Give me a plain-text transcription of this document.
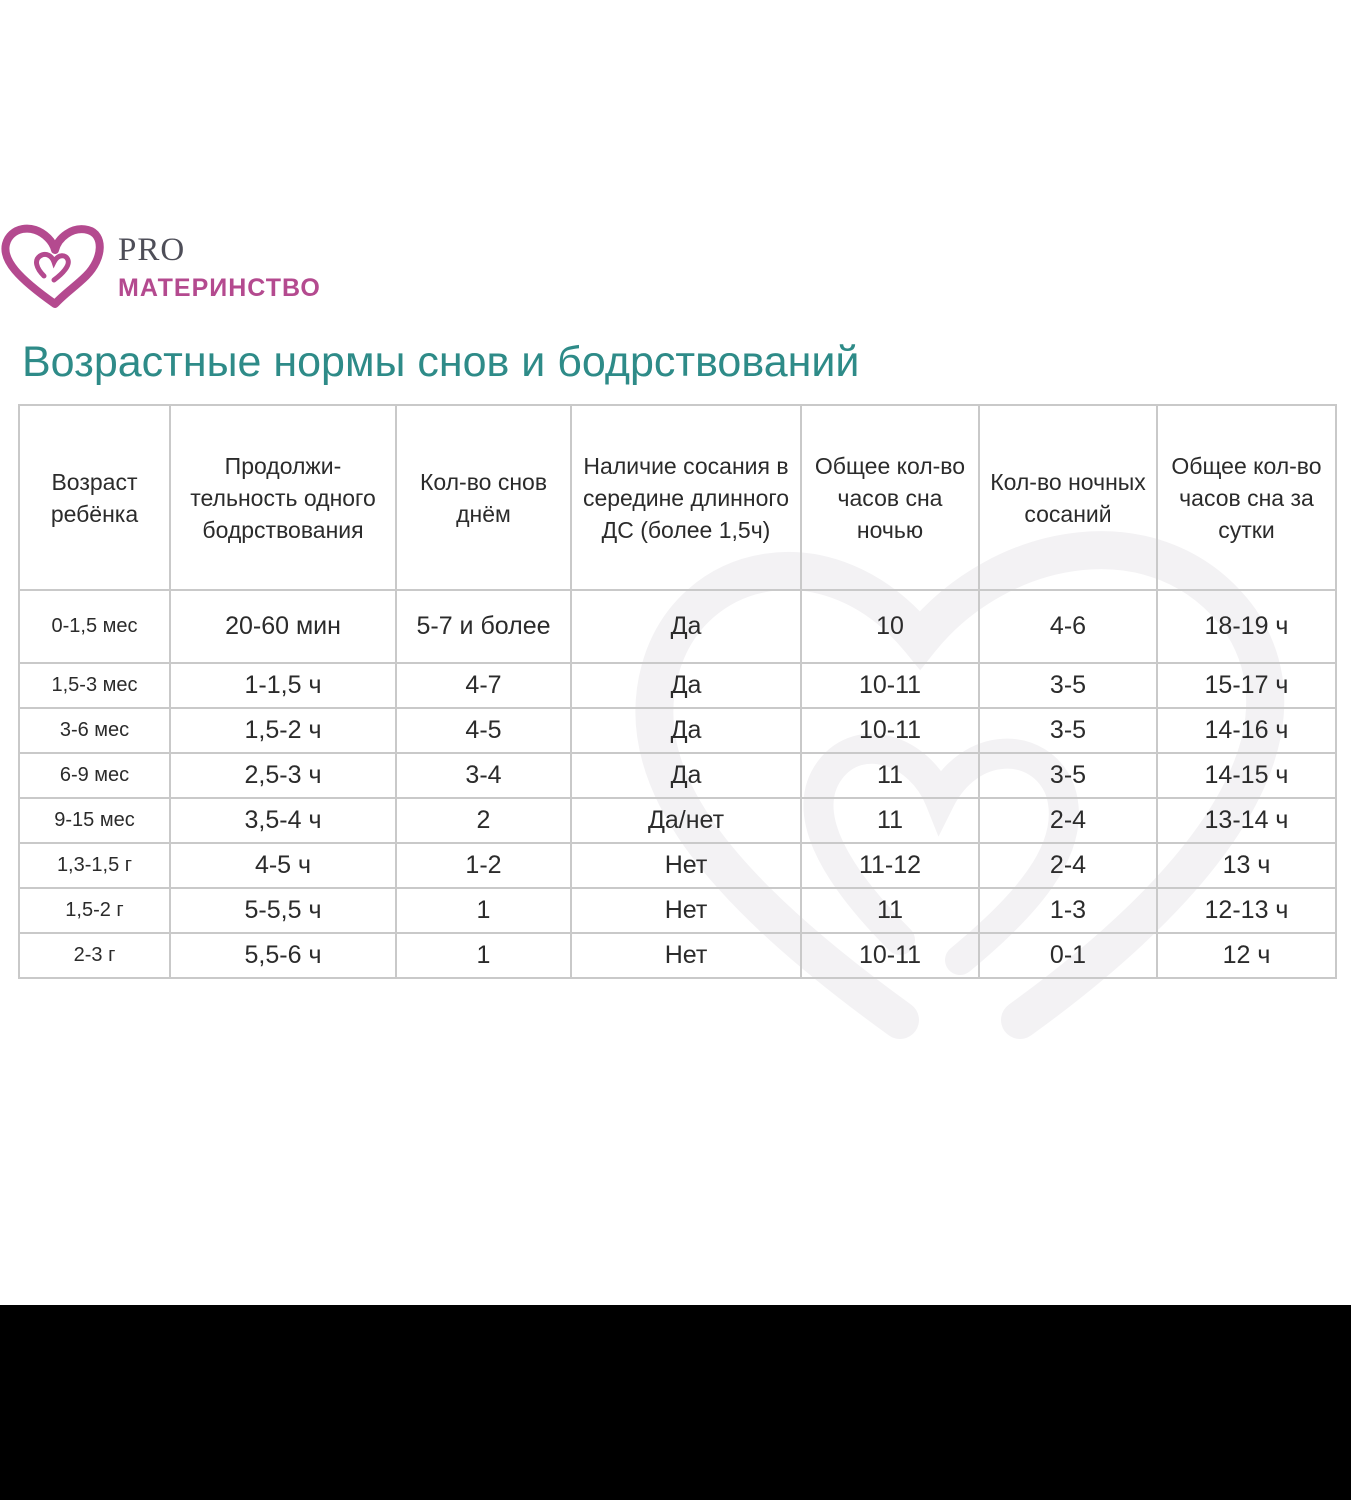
PRO
МАТЕРИНСТВО
Возрастные нормы снов и бодрствований
Возраст ребёнка	Продолжи-тельность одного бодрствования	Кол-во снов днём	Наличие сосания в середине длинного ДС (более 1,5ч)	Общее кол-во часов сна ночью	Кол-во ночных сосаний	Общее кол-во часов сна за сутки
0-1,5 мес	20-60 мин	5-7 и более	Да	10	4-6	18-19 ч
1,5-3 мес	1-1,5 ч	4-7	Да	10-11	3-5	15-17 ч
3-6 мес	1,5-2 ч	4-5	Да	10-11	3-5	14-16 ч
6-9 мес	2,5-3 ч	3-4	Да	11	3-5	14-15 ч
9-15 мес	3,5-4 ч	2	Да/нет	11	2-4	13-14 ч
1,3-1,5 г	4-5 ч	1-2	Нет	11-12	2-4	13 ч
1,5-2 г	5-5,5 ч	1	Нет	11	1-3	12-13 ч
2-3 г	5,5-6 ч	1	Нет	10-11	0-1	12 ч
